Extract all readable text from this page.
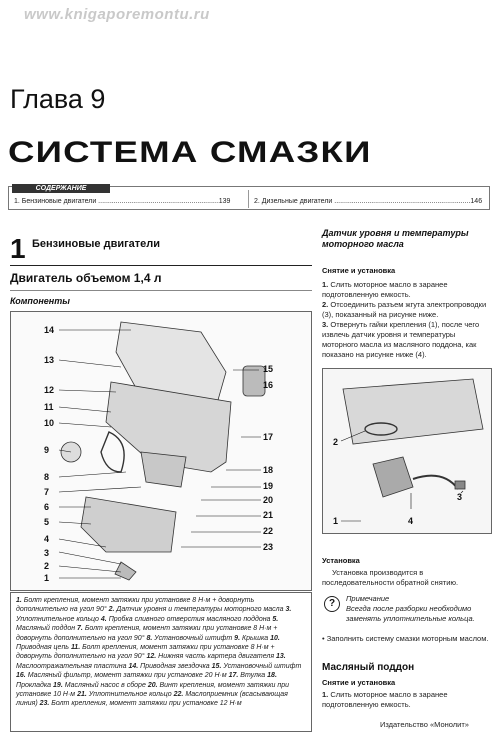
www.knigaporemontu.ru
Глава 9
СИСТЕМА СМАЗКИ
СОДЕРЖАНИЕ
1. Бензиновые двигатели ..............................................................139	2. Дизельные двигатели ......................................................................146
1 Бензиновые двигатели
Двигатель объемом 1,4 л
Компоненты
14
13
12
11
10
9
8
7
6
5
4
3
2
1
15
16
17
18
19
20
21
22
23
1. Болт крепления, момент затяжки при установке 8 Н·м + доворнуть дополнительно на угол 90° 2. Датчик уровня и температуры моторного масла 3. Уплотнительное кольцо 4. Пробка сливного отверстия масляного поддона 5. Масляный поддон 7. Болт крепления, момент затяжки при установке 8 Н·м + доворнуть дополнительно на угол 90° 8. Установочный штифт 9. Крышка 10. Приводная цепь 11. Болт крепления, момент затяжки при установке 8 Н·м + доворнуть дополнительно на угол 90° 12. Нижняя часть картера двигателя 13. Маслоотражательная пластина 14. Приводная звездочка 15. Установочный штифт 16. Масляный фильтр, момент затяжки при установке 20 Н·м 17. Втулка 18. Прокладка 19. Масляный насос в сборе 20. Винт крепления, момент затяжки при установке 10 Н·м 21. Уплотнительное кольцо 22. Маслоприемник (всасывающая линия) 23. Болт крепления, момент затяжки при установке 12 Н·м
Датчик уровня и температуры моторного масла
Снятие и установка
1. Слить моторное масло в заранее подготовленную емкость.
2. Отсоединить разъем жгута электропроводки (3), показанный на рисунке ниже.
3. Отвернуть гайки крепления (1), после чего извлечь датчик уровня и температуры моторного масла из масляного поддона, как показано на рисунке ниже (4).
2
3
1	4
Установка
Установка производится в последовательности обратной снятию.
?	Примечание
Всегда после разборки необходимо заменять уплотнительные кольца.
• Заполнить систему смазки моторным маслом.
Масляный поддон
Снятие и установка
1. Слить моторное масло в заранее подготовленную емкость.
Издательство «Монолит»
